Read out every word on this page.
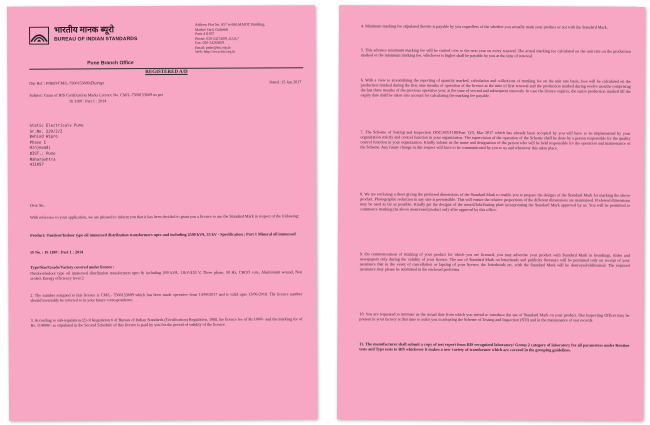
भारतीय मानक ब्यूरो
BUREAU OF INDIAN STANDARDS
Address Plot No. 657 to 660,MAIDC Building,
Market Yard, Gultekdi
Pune 411037
Phone: 020-24274801,4,5,6,7
Fax: 020-24268659
Email: pnbo@bis.org.in
Web: http://www.bis.org.in
Pune Branch Office
REGISTERED A/D
Our Ref : PNBO/CM/L-7500153609/Durap	Dated :15 Jun 2017
Subject: Grant of BIS Certification Marks Licence No. CM/L-7500153609 us per
IS 1180 : Part 1 : 2014
Static Electricals Pune
Sr.No. 229/2/2
Behind Wipro
Phase I
Hinjewadi
DIST.: Pune
Maharashtra
411057
Dear Sir,
With reference to your application, we are pleased to inform you that it has been decided to grant you a licence to use the Standard Mark in respect of the following:
Product: Outdoor/Indoor type oil immersed distribution transformers upto and including 2500 kVA, 33 kV - Specification : Part 1 Mineral oil immersed
IS No. : IS 1180 : Part 1 : 2014
Type/Size/Grade/Variety covered under licence :
Outdoor/indoor type oil immersed distribution transformers upto & including 200 kVA, 11kV/433 V, Three phase, 50 Hz, CRGO core, Aluminium wound, Non sealed, Energy efficiency level 2
2. The number assigned to this licence is CM/L- 7500153609 which has been made operative from 14/06/2017 and is valid upto 13/06/2018. The licence number should invariably be referred to in your future correspondence.
3. According to sub-regulation (2) of Regulation 6 of Bureau of Indian Standards (Certification) Regulation, 1988, the licence fee of Rs 1000/- and the marking fee of Rs. 114000/- as stipulated in the Second Schedule of this licence is paid by you for the period of validity of the licence.
4. Minimum marking fee stipulated therein is payable by you regardless of the whether you actually mark your product or not with the Standard Mark.
5. This advance minimum marking fee will be carried over to the next year on every renewal. The actual marking fee calculated on the unit rate on the production marked or the minimum marking fee, whichever is higher shall be payable by you at the time of renewal.
6. With a view to streamlining the reporting of quantity marked, calculation and collections of marking fee on the unit rate basis, fees will be calculated on the production marked during the first nine months of operation of the licence at the time of first renewal and the production marked during twelve months comprising the last three months of the previous operative year, at the time of second and subsequent renewals. In case the licence expires, the entire production marked till the expiry date shall be taken into account for calculating the marking fee payable.
7. The Scheme of Testing and Inspection DOC:STI/1180/Part 1)/3, Mar 2017 which has already been accepted by you will have to be implemented by your organization strictly and control function in your organization. The supervision of the operation of the Scheme shall be done by a person responsible for the quality control function in your organization. Kindly inform us the name and designation of the person who will be held responsible for the operation and maintenance of the Scheme. Any future change in this respect will have to be communicated by you to us and whenever this takes place.
8. We are enclosing a sheet giving the preferred dimensions of the Standard Mark to enable you to prepare the designs of the Standard Mark for marking the above product. Photographic reduction in any size is permissible. This will ensure the relative proportions of the different dimensions are maintained. Preferred dimensions may be used as far as possible. Kindly get the designs of the stencil/label/rating plate incorporating the Standard Mark approved by us. You will be permitted to commence marking the above mentioned product only after approval by this office.
9. On commencement of marking of your product for which you are licensed, you may advertise your product with Standard Mark in hoardings, slides and newspapers only during the validity of your licence. The use of Standard Mark on letterheads and publicity literature will be permitted only on receipt of your assurance that in the event of cancellation or lapsing of your licence, the letterheads etc. with the Standard Mark will be destroyed/obliterated. The required assurance may please be submitted in the enclosed proforma.
10. You are requested to intimate us the actual date from which you intend to introduce the use of Standard Mark on your product. Our Inspecting Officer may be present in your factory at that time to assist you in adopting the Scheme of Testing and Inspection (STI) and in the maintenance of test records.
11. The manufacturer shall submit a copy of test report from BIS recognized laboratory/ Group 2 category of laboratory for all parameters under Routine tests and Type tests to BIS whichever it makes a new variety of transformer which are covered in the grouping guidelines.
